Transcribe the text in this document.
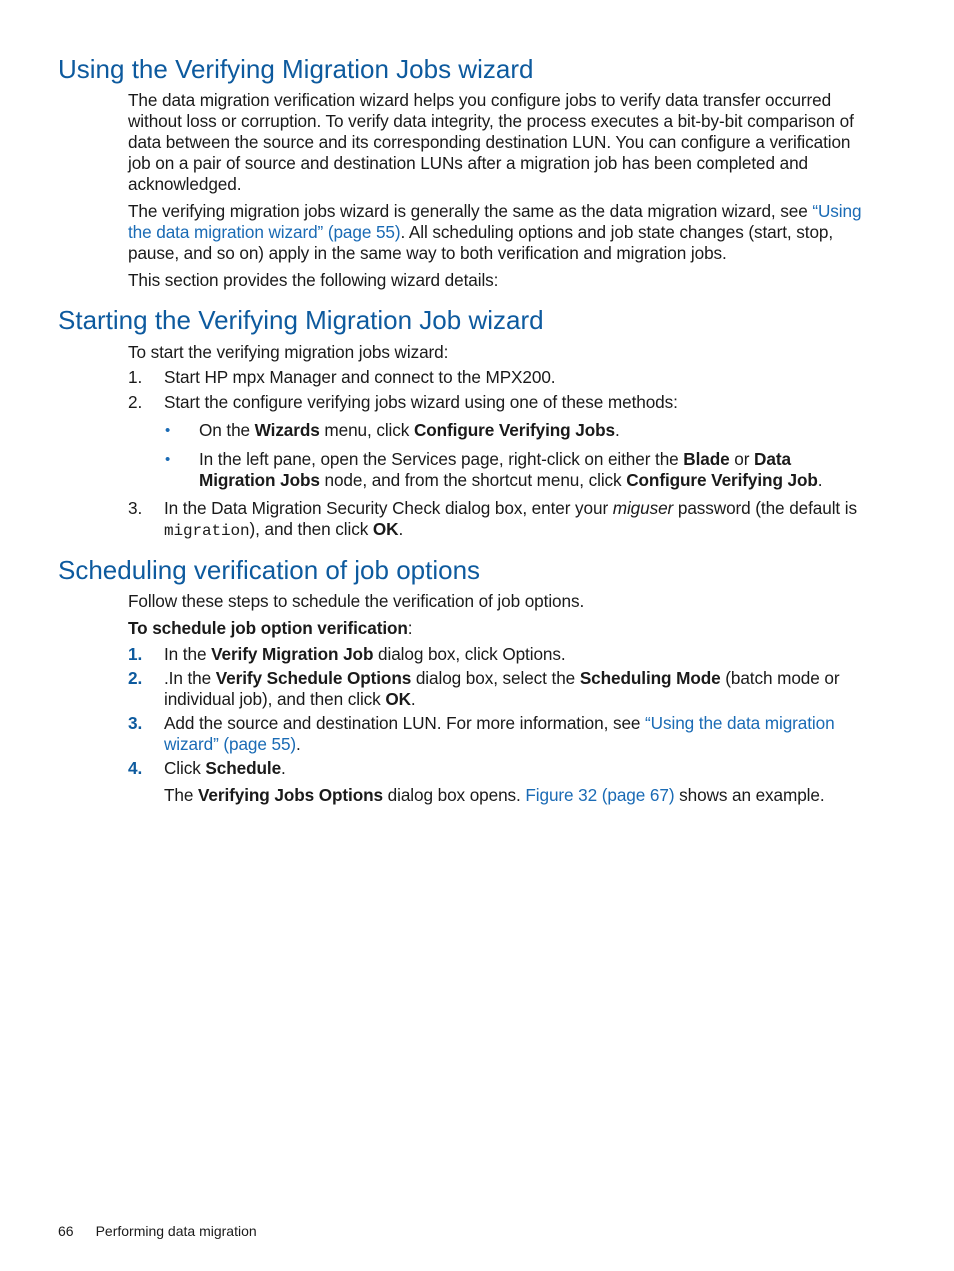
Using the Verifying Migration Jobs wizard

The data migration verification wizard helps you configure jobs to verify data transfer occurred without loss or corruption. To verify data integrity, the process executes a bit-by-bit comparison of data between the source and its corresponding destination LUN. You can configure a verification job on a pair of source and destination LUNs after a migration job has been completed and acknowledged.

The verifying migration jobs wizard is generally the same as the data migration wizard, see “Using the data migration wizard” (page 55). All scheduling options and job state changes (start, stop, pause, and so on) apply in the same way to both verification and migration jobs.

This section provides the following wizard details:

Starting the Verifying Migration Job wizard

To start the verifying migration jobs wizard:

1. Start HP mpx Manager and connect to the MPX200.

2. Start the configure verifying jobs wizard using one of these methods:

• On the Wizards menu, click Configure Verifying Jobs.

• In the left pane, open the Services page, right-click on either the Blade or Data Migration Jobs node, and from the shortcut menu, click Configure Verifying Job.

3. In the Data Migration Security Check dialog box, enter your miguser password (the default is migration), and then click OK.

Scheduling verification of job options

Follow these steps to schedule the verification of job options.

To schedule job option verification:

1. In the Verify Migration Job dialog box, click Options.

2. .In the Verify Schedule Options dialog box, select the Scheduling Mode (batch mode or individual job), and then click OK.

3. Add the source and destination LUN. For more information, see “Using the data migration wizard” (page 55).

4. Click Schedule.

The Verifying Jobs Options dialog box opens. Figure 32 (page 67) shows an example.

66 Performing data migration
